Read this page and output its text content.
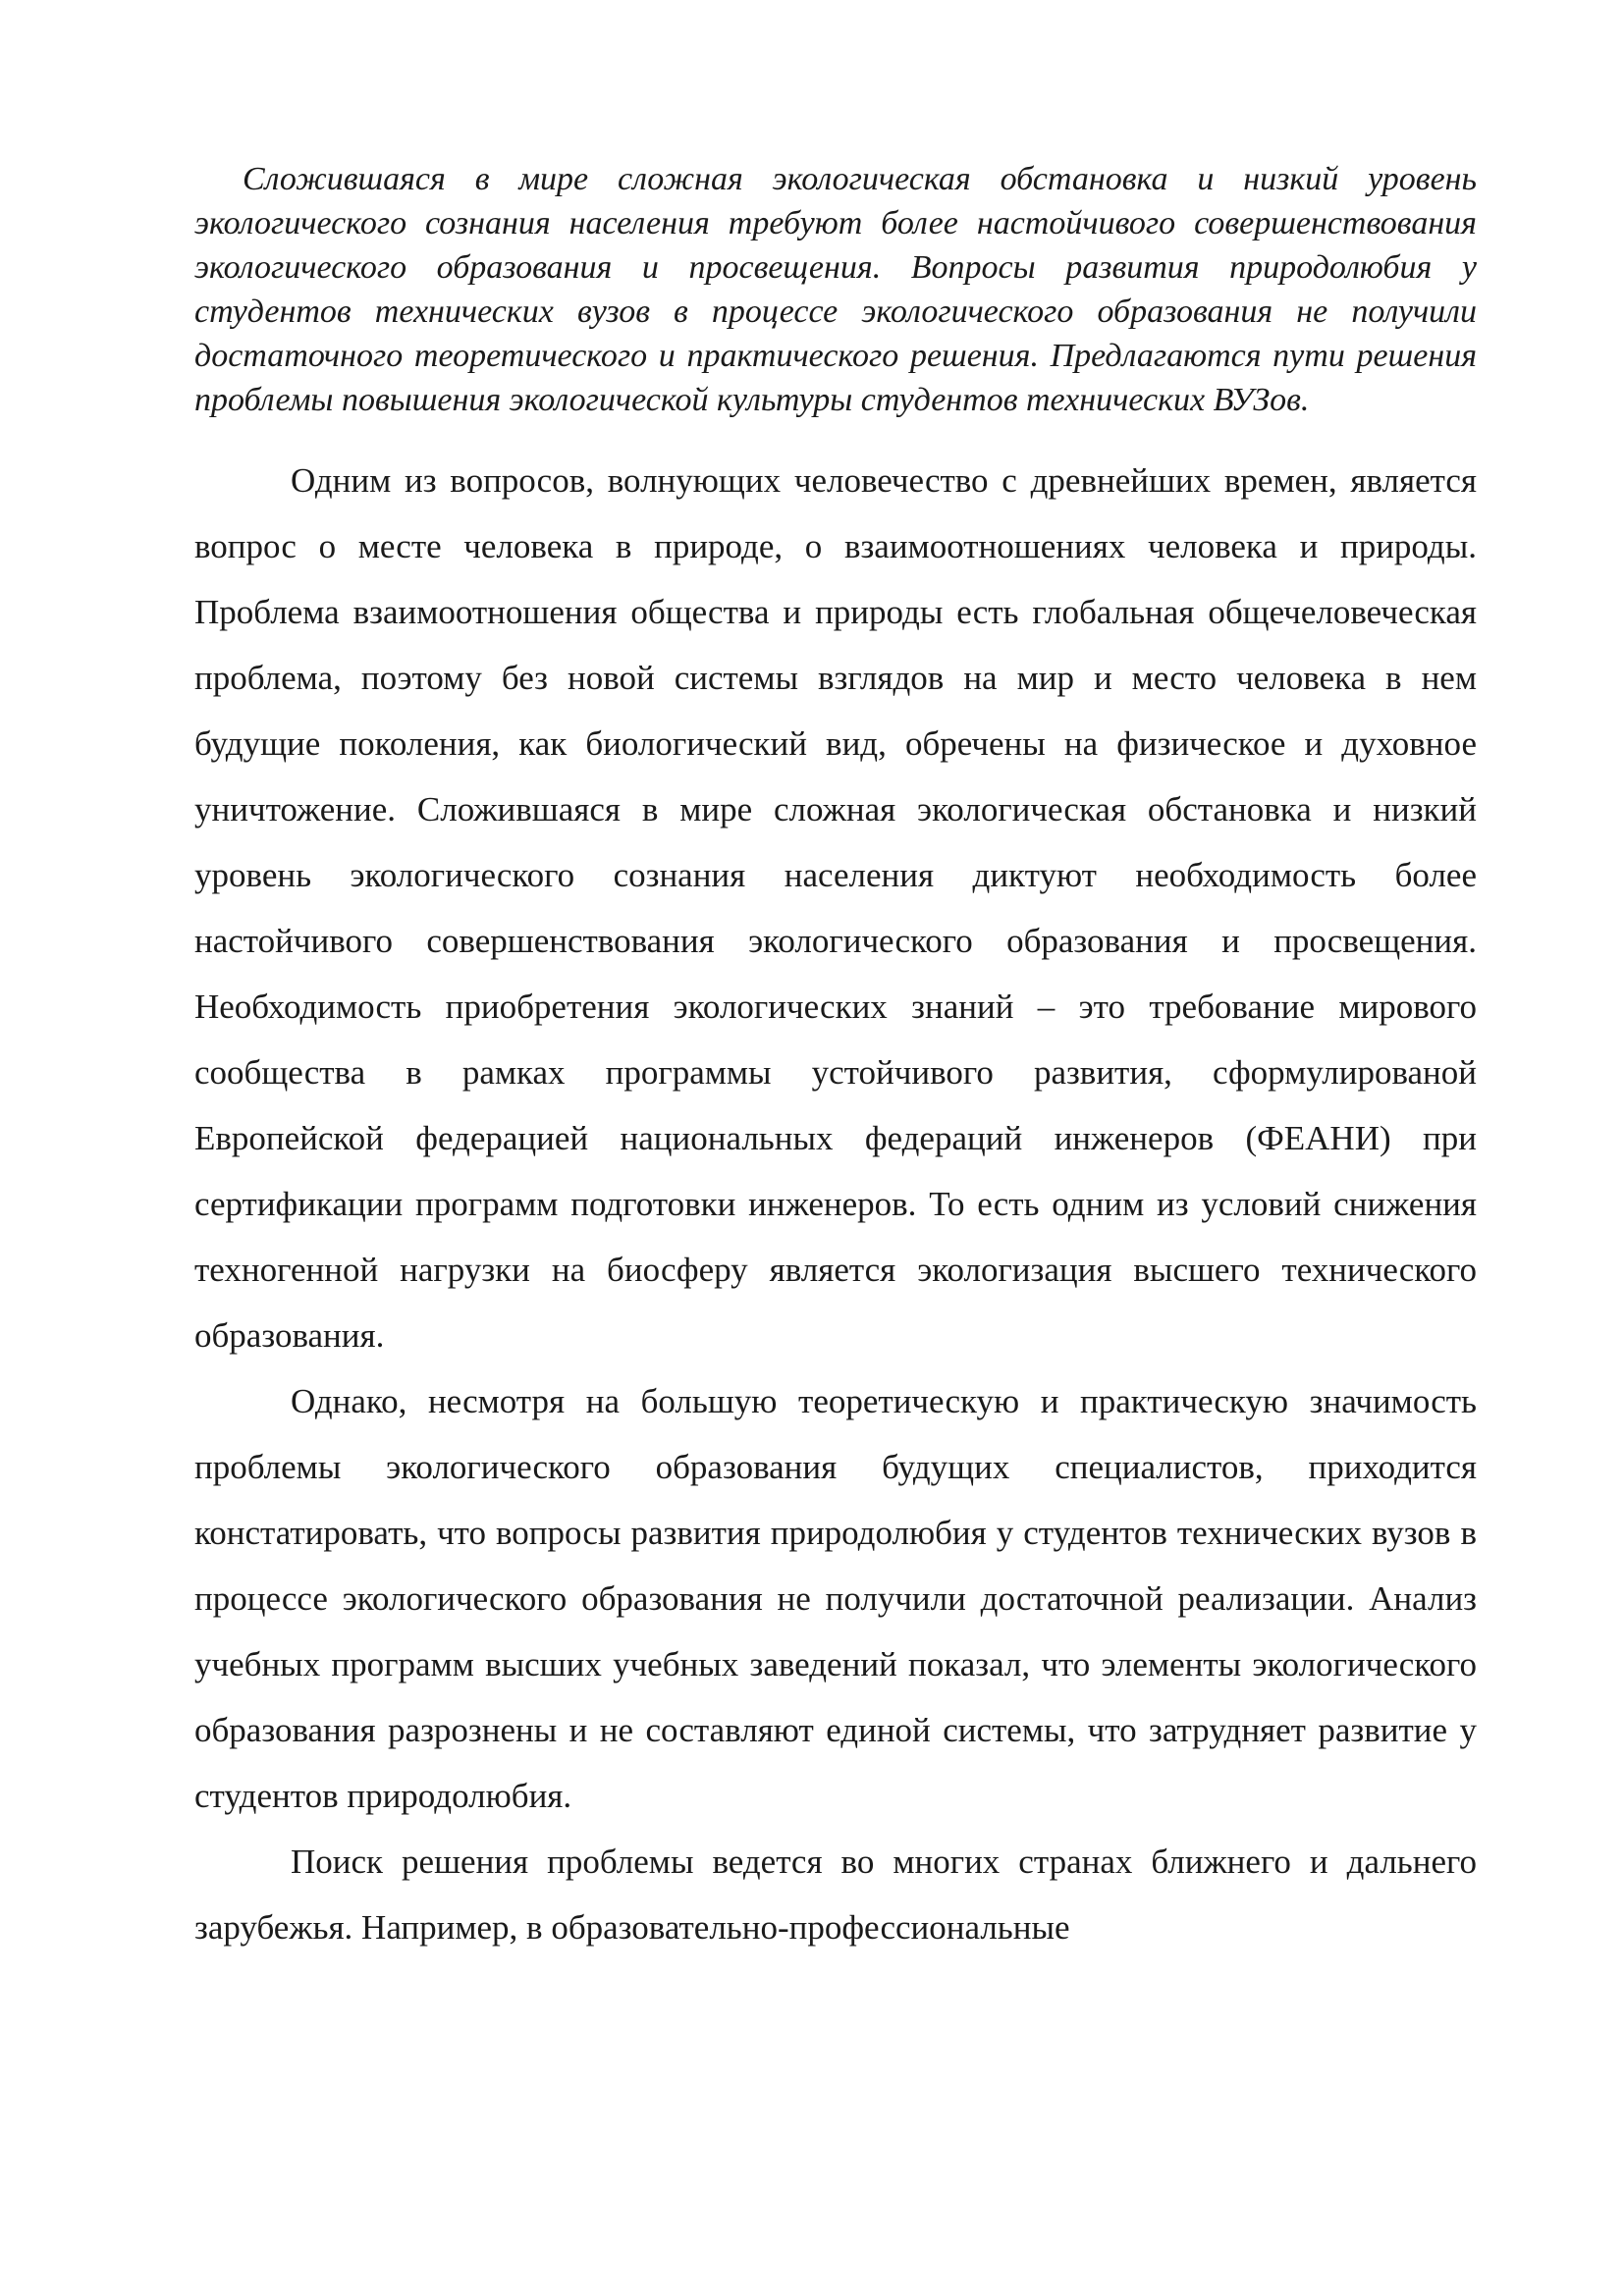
Сложившаяся в мире сложная экологическая обстановка и низкий уровень экологического сознания населения требуют более настойчивого совершенствования экологического образования и просвещения. Вопросы развития природолюбия у студентов технических вузов в процессе экологического образования не получили достаточного теоретического и практического решения. Предлагаются пути решения проблемы повышения экологической культуры студентов технических ВУЗов.

Одним из вопросов, волнующих человечество с древнейших времен, является вопрос о месте человека в природе, о взаимоотношениях человека и природы. Проблема взаимоотношения общества и природы есть глобальная общечеловеческая проблема, поэтому без новой системы взглядов на мир и место человека в нем будущие поколения, как биологический вид, обречены на физическое и духовное уничтожение. Сложившаяся в мире сложная экологическая обстановка и низкий уровень экологического сознания населения диктуют необходимость более настойчивого совершенствования экологического образования и просвещения. Необходимость приобретения экологических знаний – это требование мирового сообщества в рамках программы устойчивого развития, сформулированой Европейской федерацией национальных федераций инженеров (ФЕАНИ) при сертификации программ подготовки инженеров. То есть одним из условий снижения техногенной нагрузки на биосферу является экологизация высшего технического образования.

Однако, несмотря на большую теоретическую и практическую значимость проблемы экологического образования будущих специалистов, приходится констатировать, что вопросы развития природолюбия у студентов технических вузов в процессе экологического образования не получили достаточной реализации. Анализ учебных программ высших учебных заведений показал, что элементы экологического образования разрознены и не составляют единой системы, что затрудняет развитие у студентов природолюбия.

Поиск решения проблемы ведется во многих странах ближнего и дальнего зарубежья. Например, в образовательно-профессиональные
